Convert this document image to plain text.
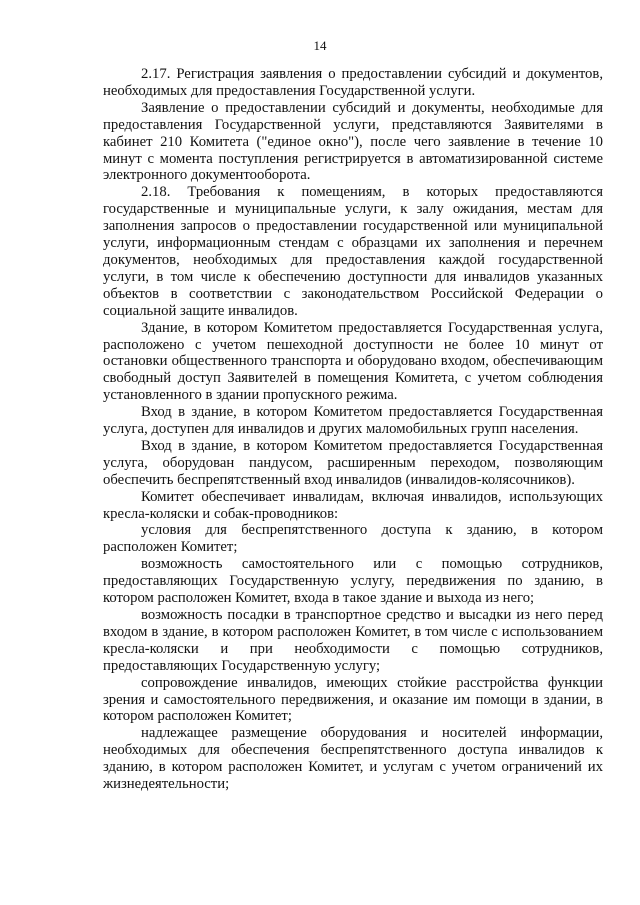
14

2.17. Регистрация заявления о предоставлении субсидий и документов, необходимых для предоставления Государственной услуги.

Заявление о предоставлении субсидий и документы, необходимые для предоставления Государственной услуги, представляются Заявителями в кабинет 210 Комитета ("единое окно"), после чего заявление в течение 10 минут с момента поступления регистрируется в автоматизированной системе электронного документооборота.

2.18. Требования к помещениям, в которых предоставляются государственные и муниципальные услуги, к залу ожидания, местам для заполнения запросов о предоставлении государственной или муниципальной услуги, информационным стендам с образцами их заполнения и перечнем документов, необходимых для предоставления каждой государственной услуги, в том числе к обеспечению доступности для инвалидов указанных объектов в соответствии с законодательством Российской Федерации о социальной защите инвалидов.

Здание, в котором Комитетом предоставляется Государственная услуга, расположено с учетом пешеходной доступности не более 10 минут от остановки общественного транспорта и оборудовано входом, обеспечивающим свободный доступ Заявителей в помещения Комитета, с учетом соблюдения установленного в здании пропускного режима.

Вход в здание, в котором Комитетом предоставляется Государственная услуга, доступен для инвалидов и других маломобильных групп населения.

Вход в здание, в котором Комитетом предоставляется Государственная услуга, оборудован пандусом, расширенным переходом, позволяющим обеспечить беспрепятственный вход инвалидов (инвалидов-колясочников).

Комитет обеспечивает инвалидам, включая инвалидов, использующих кресла-коляски и собак-проводников:

условия для беспрепятственного доступа к зданию, в котором расположен Комитет;

возможность самостоятельного или с помощью сотрудников, предоставляющих Государственную услугу, передвижения по зданию, в котором расположен Комитет, входа в такое здание и выхода из него;

возможность посадки в транспортное средство и высадки из него перед входом в здание, в котором расположен Комитет, в том числе с использованием кресла-коляски и при необходимости с помощью сотрудников, предоставляющих Государственную услугу;

сопровождение инвалидов, имеющих стойкие расстройства функции зрения и самостоятельного передвижения, и оказание им помощи в здании, в котором расположен Комитет;

надлежащее размещение оборудования и носителей информации, необходимых для обеспечения беспрепятственного доступа инвалидов к зданию, в котором расположен Комитет, и услугам с учетом ограничений их жизнедеятельности;
